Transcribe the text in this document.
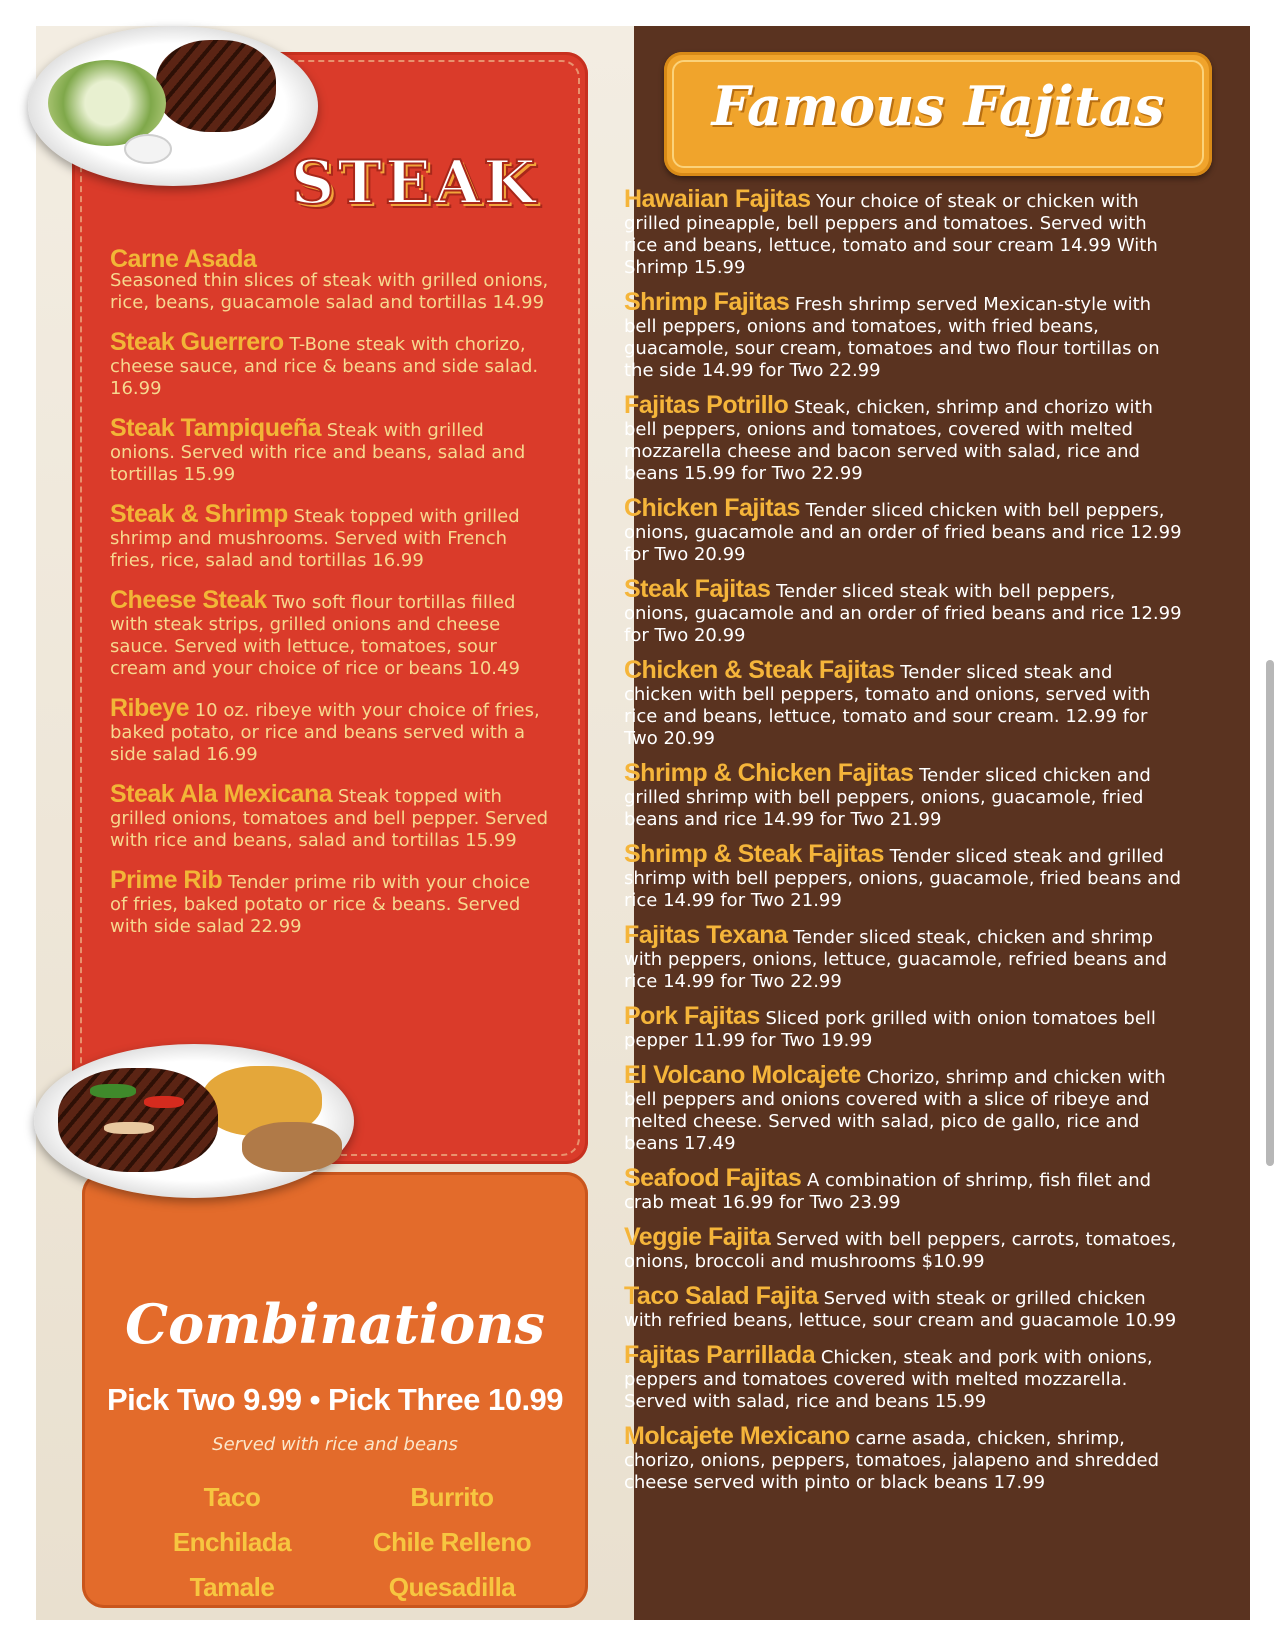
STEAK
Carne Asada
Seasoned thin slices of steak with grilled onions, rice, beans, guacamole salad and tortillas 14.99
Steak Guerrero T-Bone steak with chorizo, cheese sauce, and rice & beans and side salad. 16.99
Steak Tampiqueña Steak with grilled onions. Served with rice and beans, salad and tortillas 15.99
Steak & Shrimp Steak topped with grilled shrimp and mushrooms. Served with French fries, rice, salad and tortillas 16.99
Cheese Steak Two soft flour tortillas filled with steak strips, grilled onions and cheese sauce. Served with lettuce, tomatoes, sour cream and your choice of rice or beans 10.49
Ribeye 10 oz. ribeye with your choice of fries, baked potato, or rice and beans served with a side salad 16.99
Steak Ala Mexicana Steak topped with grilled onions, tomatoes and bell pepper. Served with rice and beans, salad and tortillas 15.99
Prime Rib Tender prime rib with your choice of fries, baked potato or rice & beans. Served with side salad 22.99
Combinations
Pick Two 9.99 • Pick Three 10.99
Served with rice and beans
Taco	Burrito
Enchilada	Chile Relleno
Tamale	Quesadilla
Famous Fajitas
Hawaiian Fajitas Your choice of steak or chicken with grilled pineapple, bell peppers and tomatoes. Served with rice and beans, lettuce, tomato and sour cream 14.99 With Shrimp 15.99
Shrimp Fajitas Fresh shrimp served Mexican-style with bell peppers, onions and tomatoes, with fried beans, guacamole, sour cream, tomatoes and two flour tortillas on the side 14.99 for Two 22.99
Fajitas Potrillo Steak, chicken, shrimp and chorizo with bell peppers, onions and tomatoes, covered with melted mozzarella cheese and bacon served with salad, rice and beans 15.99 for Two 22.99
Chicken Fajitas Tender sliced chicken with bell peppers, onions, guacamole and an order of fried beans and rice 12.99 for Two 20.99
Steak Fajitas Tender sliced steak with bell peppers, onions, guacamole and an order of fried beans and rice 12.99 for Two 20.99
Chicken & Steak Fajitas Tender sliced steak and chicken with bell peppers, tomato and onions, served with rice and beans, lettuce, tomato and sour cream. 12.99 for Two 20.99
Shrimp & Chicken Fajitas Tender sliced chicken and grilled shrimp with bell peppers, onions, guacamole, fried beans and rice 14.99 for Two 21.99
Shrimp & Steak Fajitas Tender sliced steak and grilled shrimp with bell peppers, onions, guacamole, fried beans and rice 14.99 for Two 21.99
Fajitas Texana Tender sliced steak, chicken and shrimp with peppers, onions, lettuce, guacamole, refried beans and rice 14.99 for Two 22.99
Pork Fajitas Sliced pork grilled with onion tomatoes bell pepper 11.99 for Two 19.99
El Volcano Molcajete Chorizo, shrimp and chicken with bell peppers and onions covered with a slice of ribeye and melted cheese. Served with salad, pico de gallo, rice and beans 17.49
Seafood Fajitas A combination of shrimp, fish filet and crab meat 16.99 for Two 23.99
Veggie Fajita Served with bell peppers, carrots, tomatoes, onions, broccoli and mushrooms $10.99
Taco Salad Fajita Served with steak or grilled chicken with refried beans, lettuce, sour cream and guacamole 10.99
Fajitas Parrillada Chicken, steak and pork with onions, peppers and tomatoes covered with melted mozzarella. Served with salad, rice and beans 15.99
Molcajete Mexicano carne asada, chicken, shrimp, chorizo, onions, peppers, tomatoes, jalapeno and shredded cheese served with pinto or black beans 17.99
